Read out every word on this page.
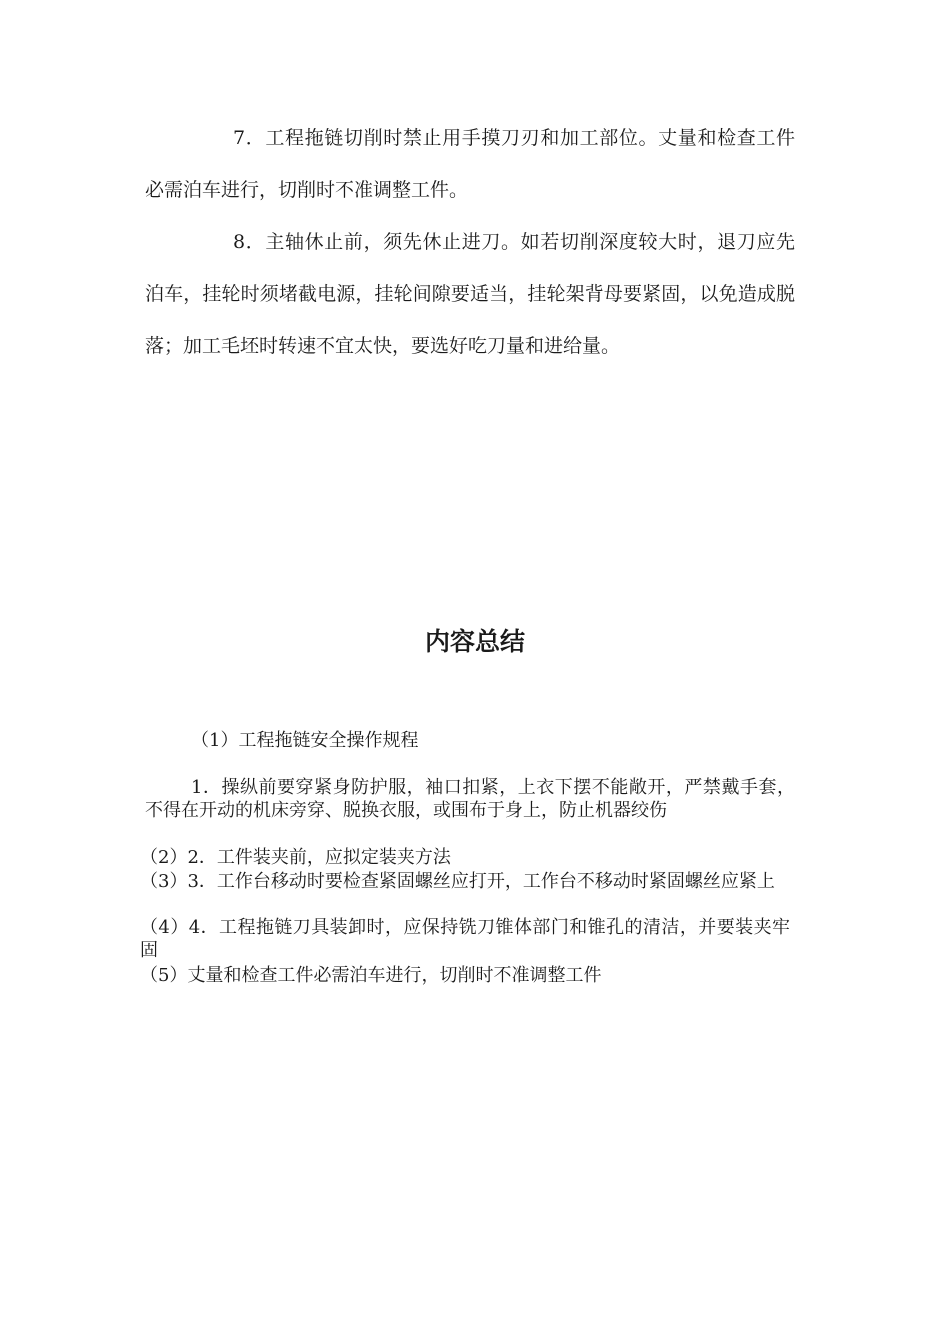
7．工程拖链切削时禁止用手摸刀刃和加工部位。丈量和检查工件必需泊车进行，切削时不准调整工件。

8．主轴休止前，须先休止进刀。如若切削深度较大时，退刀应先泊车，挂轮时须堵截电源，挂轮间隙要适当，挂轮架背母要紧固，以免造成脱落；加工毛坯时转速不宜太快，要选好吃刀量和进给量。

内容总结

（1）工程拖链安全操作规程

1．操纵前要穿紧身防护服，袖口扣紧，上衣下摆不能敞开，严禁戴手套，不得在开动的机床旁穿、脱换衣服，或围布于身上，防止机器绞伤

（2）2．工件装夹前，应拟定装夹方法

（3）3．工作台移动时要检查紧固螺丝应打开，工作台不移动时紧固螺丝应紧上

（4）4．工程拖链刀具装卸时，应保持铣刀锥体部门和锥孔的清洁，并要装夹牢固

（5）丈量和检查工件必需泊车进行，切削时不准调整工件
